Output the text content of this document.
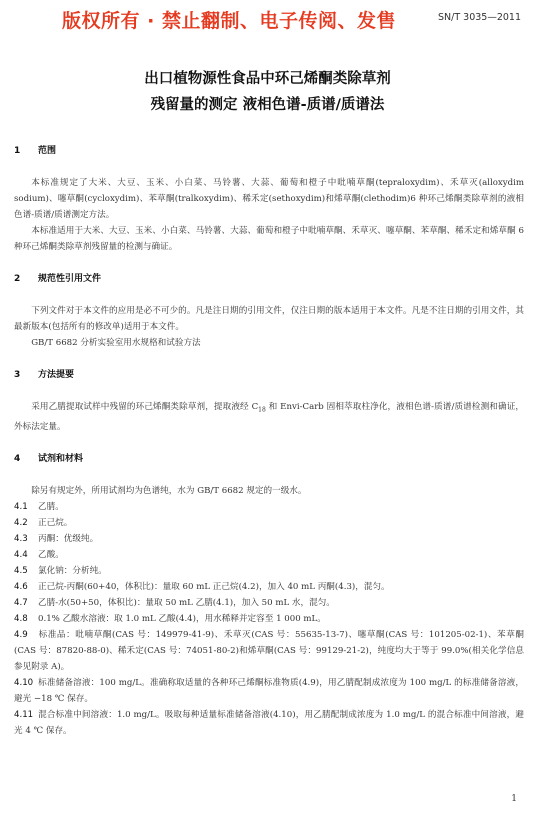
版权所有 · 禁止翻制、电子传阅、发售	SN/T 3035—2011
出口植物源性食品中环己烯酮类除草剂
残留量的测定 液相色谱-质谱/质谱法
1 范围

本标准规定了大米、大豆、玉米、小白菜、马铃薯、大蒜、葡萄和橙子中吡喃草酮(tepraloxydim)、禾草灭(alloxydim sodium)、噻草酮(cycloxydim)、苯草酮(tralkoxydim)、稀禾定(sethoxydim)和烯草酮(clethodim)6 种环己烯酮类除草剂的液相色谱-质谱/质谱测定方法。

本标准适用于大米、大豆、玉米、小白菜、马铃薯、大蒜、葡萄和橙子中吡喃草酮、禾草灭、噻草酮、苯草酮、稀禾定和烯草酮 6 种环己烯酮类除草剂残留量的检测与确证。

2 规范性引用文件

下列文件对于本文件的应用是必不可少的。凡是注日期的引用文件，仅注日期的版本适用于本文件。凡是不注日期的引用文件，其最新版本(包括所有的修改单)适用于本文件。

GB/T 6682 分析实验室用水规格和试验方法

3 方法提要

采用乙腈提取试样中残留的环己烯酮类除草剂，提取液经 $C_{18}$ 和 Envi-Carb 固相萃取柱净化，液相色谱-质谱/质谱检测和确证，外标法定量。

4 试剂和材料

除另有规定外，所用试剂均为色谱纯，水为 GB/T 6682 规定的一级水。

4.1 乙腈。

4.2 正己烷。

4.3 丙酮：优级纯。

4.4 乙酸。

4.5 氯化钠：分析纯。

4.6 正己烷-丙酮(60+40，体积比)：量取 60 mL 正己烷(4.2)，加入 40 mL 丙酮(4.3)，混匀。

4.7 乙腈-水(50+50，体积比)：量取 50 mL 乙腈(4.1)，加入 50 mL 水，混匀。

4.8 0.1% 乙酸水溶液：取 1.0 mL 乙酸(4.4)，用水稀释并定容至 1 000 mL。

4.9 标准品：吡喃草酮(CAS 号：149979-41-9)、禾草灭(CAS 号：55635-13-7)、噻草酮(CAS 号：101205-02-1)、苯草酮(CAS 号：87820-88-0)、稀禾定(CAS 号：74051-80-2)和烯草酮(CAS 号：99129-21-2)，纯度均大于等于 99.0%(相关化学信息参见附录 A)。

4.10 标准储备溶液：100 mg/L。准确称取适量的各种环己烯酮标准物质(4.9)，用乙腈配制成浓度为 100 mg/L 的标准储备溶液，避光 −18 ℃ 保存。

4.11 混合标准中间溶液：1.0 mg/L。吸取每种适量标准储备溶液(4.10)，用乙腈配制成浓度为 1.0 mg/L 的混合标准中间溶液，避光 4 ℃ 保存。

1
